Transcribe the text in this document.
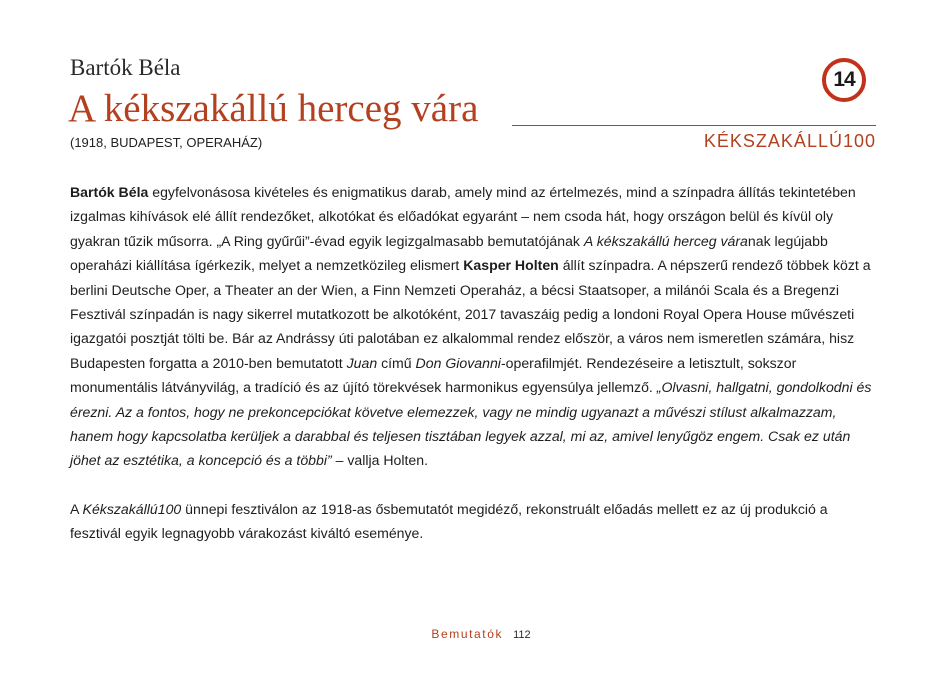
Bartók Béla
A kékszakállú herceg vára
14
(1918, BUDAPEST, OPERAHÁZ)	KÉKSZAKÁLLÚ100

Bartók Béla egyfelvonásosa kivételes és enigmatikus darab, amely mind az értelmezés, mind a színpadra állítás tekintetében izgalmas kihívások elé állít rendezőket, alkotókat és előadókat egyaránt – nem csoda hát, hogy országon belül és kívül oly gyakran tűzik műsorra. „A Ring gyűrűi”-évad egyik legizgalmasabb bemutatójának A kékszakállú herceg váranak legújabb operaházi kiállítása ígérkezik, melyet a nemzetközileg elismert Kasper Holten állít színpadra. A népszerű rendező többek közt a berlini Deutsche Oper, a Theater an der Wien, a Finn Nemzeti Operaház, a bécsi Staatsoper, a milánói Scala és a Bregenzi Fesztivál színpadán is nagy sikerrel mutatkozott be alkotóként, 2017 tavaszáig pedig a londoni Royal Opera House művészeti igazgatói posztját tölti be. Bár az Andrássy úti palotában ez alkalommal rendez először, a város nem ismeretlen számára, hisz Budapesten forgatta a 2010-ben bemutatott Juan című Don Giovanni-operafilmjét. Rendezéseire a letisztult, sokszor monumentális látványvilág, a tradíció és az újító törekvések harmonikus egyensúlya jellemző. „Olvasni, hallgatni, gondolkodni és érezni. Az a fontos, hogy ne prekoncepciókat követve elemezzek, vagy ne mindig ugyanazt a művészi stílust alkalmazzam, hanem hogy kapcsolatba kerüljek a darabbal és teljesen tisztában legyek azzal, mi az, amivel lenyűgöz engem. Csak ez után jöhet az esztétika, a koncepció és a többi” – vallja Holten.

A Kékszakállú100 ünnepi fesztiválon az 1918-as ősbemutatót megidéző, rekonstruált előadás mellett ez az új produkció a fesztivál egyik legnagyobb várakozást kiváltó eseménye.

Bemutatók 112
